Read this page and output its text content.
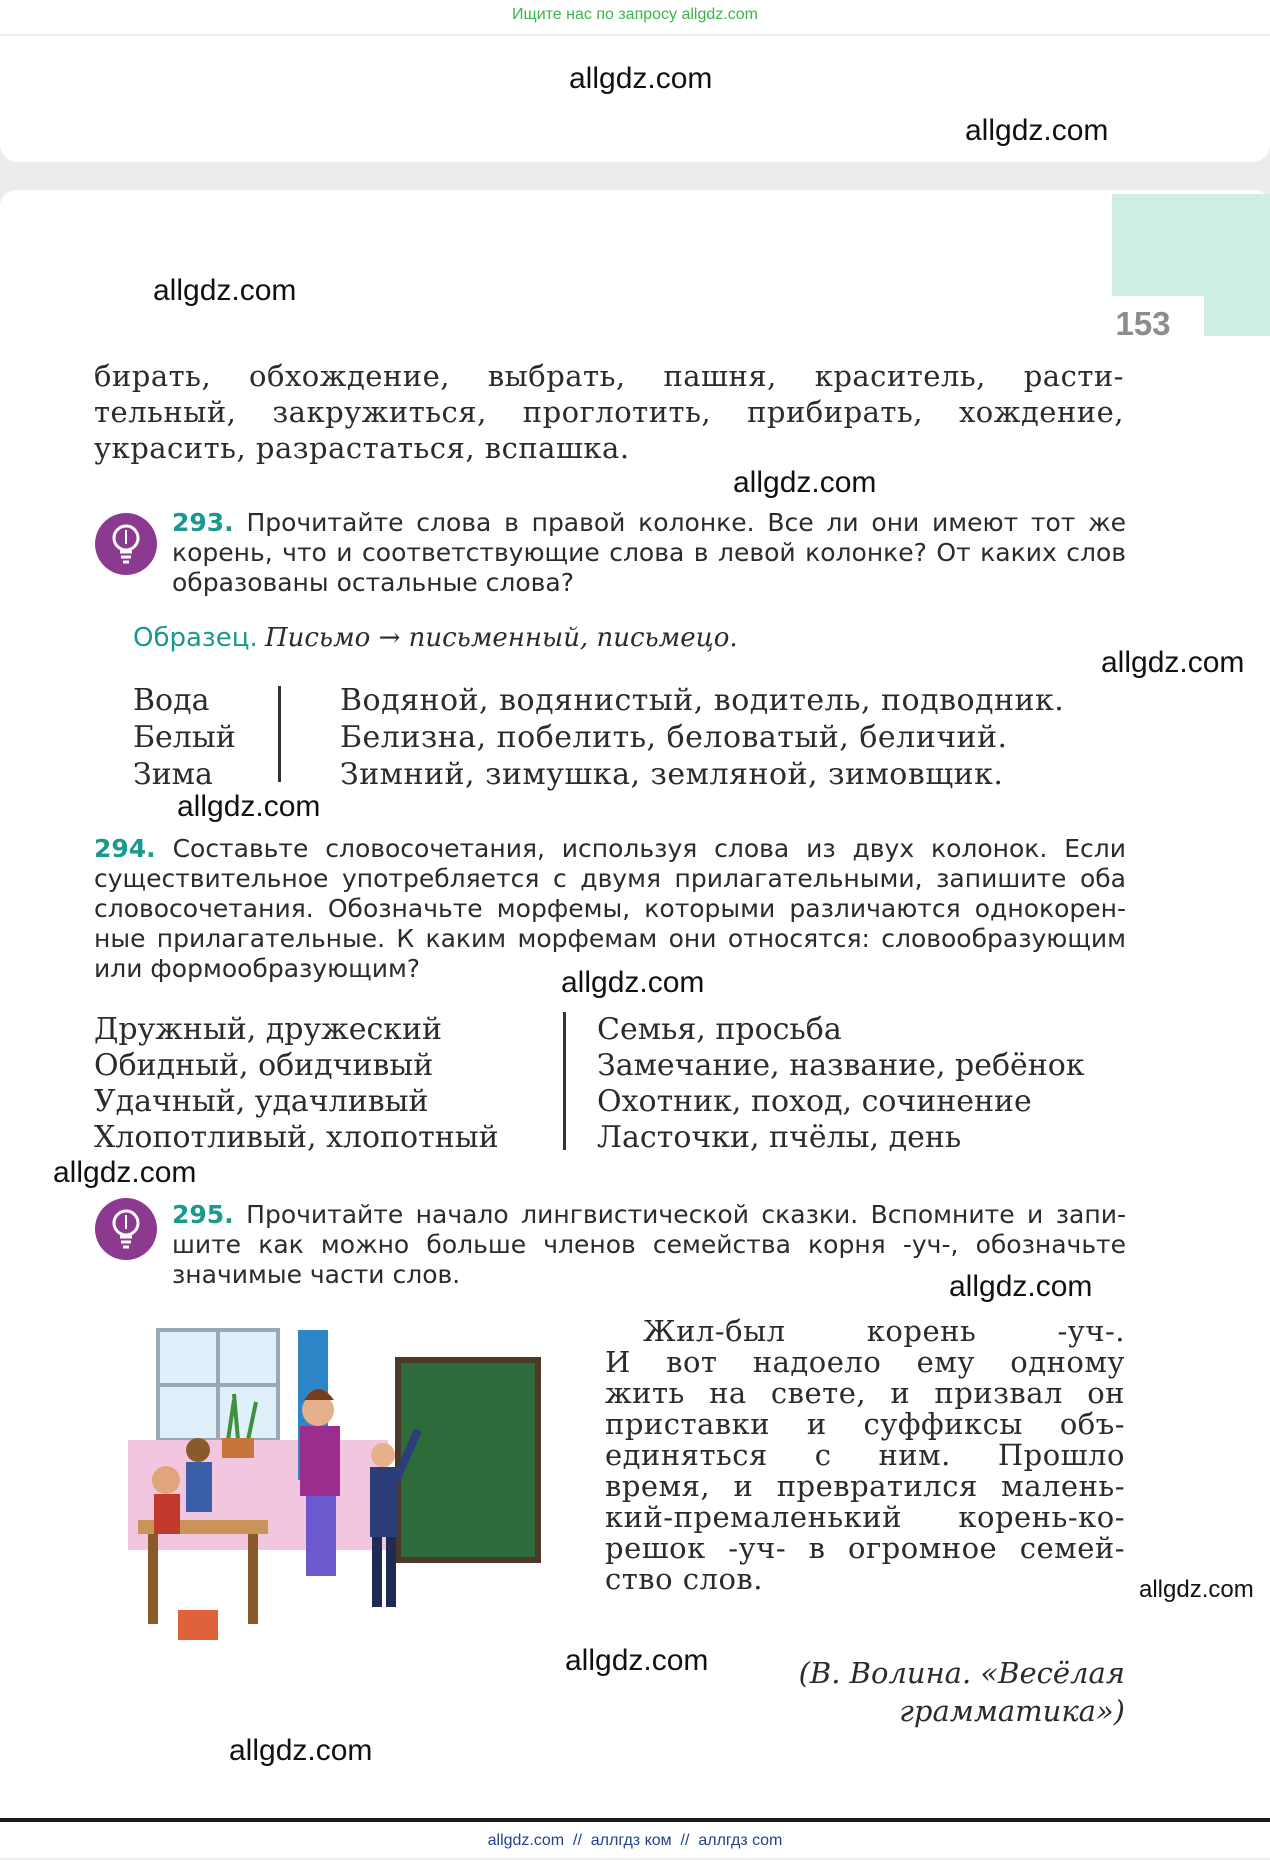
Ищите нас по запросу allgdz.com
153
бирать, обхождение, выбрать, пашня, краситель, расти-
тельный, закружиться, проглотить, прибирать, хождение,
украсить, разрастаться, вспашка.
293. Прочитайте слова в правой колонке. Все ли они имеют тот же
корень, что и соответствующие слова в левой колонке? От каких слов
образованы остальные слова?
Образец. Письмо → письменный, письмецо.
Вода
Белый
Зима
Водяной, водянистый, водитель, подводник.
Белизна, побелить, беловатый, беличий.
Зимний, зимушка, земляной, зимовщик.
294. Составьте словосочетания, используя слова из двух колонок. Если
существительное употребляется с двумя прилагательными, запишите оба
словосочетания. Обозначьте морфемы, которыми различаются однокорен-
ные прилагательные. К каким морфемам они относятся: словообразующим
или формообразующим?
Дружный, дружеский
Обидный, обидчивый
Удачный, удачливый
Хлопотливый, хлопотный
Семья, просьба
Замечание, название, ребёнок
Охотник, поход, сочинение
Ласточки, пчёлы, день
295. Прочитайте начало лингвистической сказки. Вспомните и запи-
шите как можно больше членов семейства корня -уч-, обозначьте
значимые части слов.
Жил-был корень -уч-.
И вот надоело ему одному
жить на свете, и призвал он
приставки и суффиксы объ-
единяться с ним. Прошло
время, и превратился малень-
кий-премаленький корень-ко-
решок -уч- в огромное семей-
ство слов.
(В. Волина. «Весёлая
грамматика»)
allgdz.com
allgdz.com
allgdz.com
allgdz.com
allgdz.com
allgdz.com
allgdz.com
allgdz.com
allgdz.com
allgdz.com
allgdz.com
allgdz.com
allgdz.com  //  аллгдз ком  //  аллгдз com
